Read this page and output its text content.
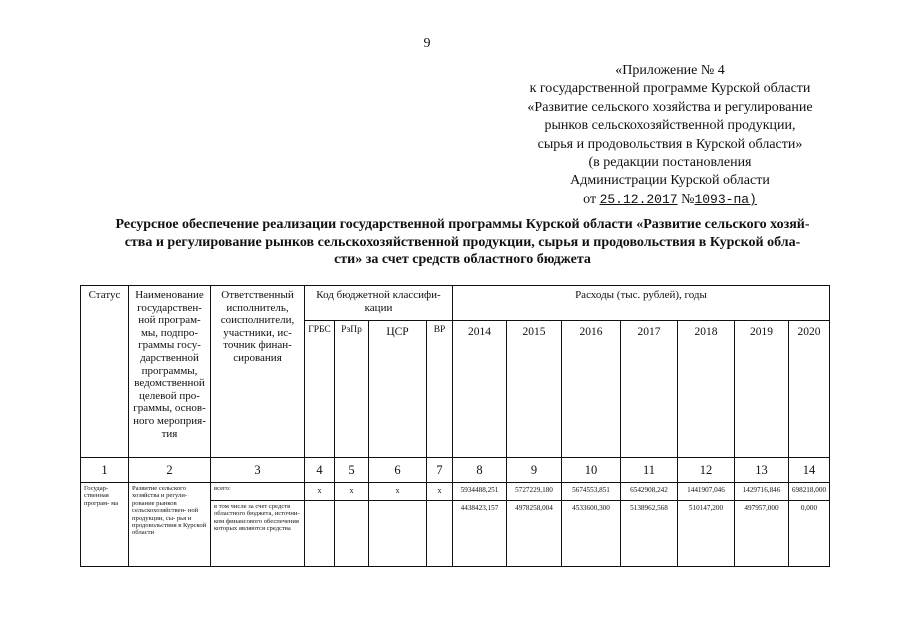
9
«Приложение № 4
к государственной программе Курской области
«Развитие сельского хозяйства и регулирование
рынков сельскохозяйственной продукции,
сырья и продовольствия в Курской области»
(в редакции постановления
Администрации Курской области
от 25.12.2017 №1093-па)
Ресурсное обеспечение реализации государственной программы Курской области «Развитие сельского хозяй-
ства и регулирование рынков сельскохозяйственной продукции, сырья и продовольствия в Курской обла-
сти» за счет средств областного бюджета
Статус	Наименование государствен- ной програм- мы, подпро- граммы госу- дарственной программы, ведомственной целевой про- граммы, основ- ного мероприя- тия	Ответственный исполнитель, соисполнители, участники, ис- точник финан- сирования	Код бюджетной классифи- кации				Расходы (тыс. рублей), годы						
			ГРБС	РзПр	ЦСР	ВР	2014	2015	2016	2017	2018	2019	2020
1	2	3	4	5	6	7	8	9	10	11	12	13	14
Государ- ственная програм- ма	Развитие сельского хозяйства и регули- рование рынков сельскохозяйствен- ной продукции, сы- рья и продовольствия в Курской области	всего:	x	x	x	x	5934488,251	5727229,180	5674553,851	6542908,242	1441907,046	1429716,846	698218,000
		в том числе за счет средств областного бюджета, источни- ком финансового обеспечения которых являются средства					4438423,157	4978258,004	4533600,300	5138962,568	510147,200	497957,000	0,000
